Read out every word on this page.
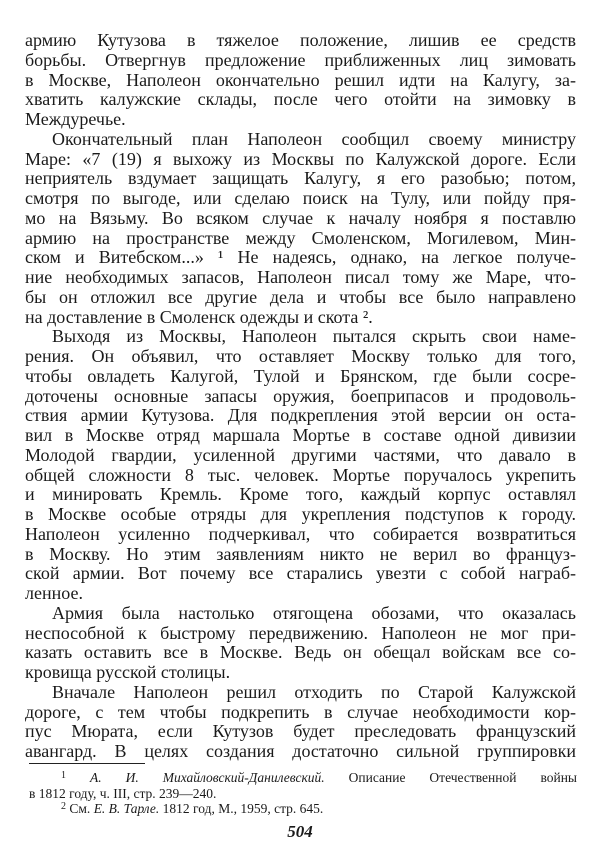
армию Кутузова в тяжелое положение, лишив ее средств
борьбы. Отвергнув предложение приближенных лиц зимовать
в Москве, Наполеон окончательно решил идти на Калугу, за-
хватить калужские склады, после чего отойти на зимовку в
Междуречье.
Окончательный план Наполеон сообщил своему министру
Маре: «7 (19) я выхожу из Москвы по Калужской дороге. Если
неприятель вздумает защищать Калугу, я его разобью; потом,
смотря по выгоде, или сделаю поиск на Тулу, или пойду пря-
мо на Вязьму. Во всяком случае к началу ноября я поставлю
армию на пространстве между Смоленском, Могилевом, Мин-
ском и Витебском...» ¹ Не надеясь, однако, на легкое получе-
ние необходимых запасов, Наполеон писал тому же Маре, что-
бы он отложил все другие дела и чтобы все было направлено
на доставление в Смоленск одежды и скота ².
Выходя из Москвы, Наполеон пытался скрыть свои наме-
рения. Он объявил, что оставляет Москву только для того,
чтобы овладеть Калугой, Тулой и Брянском, где были сосре-
доточены основные запасы оружия, боеприпасов и продоволь-
ствия армии Кутузова. Для подкрепления этой версии он оста-
вил в Москве отряд маршала Мортье в составе одной дивизии
Молодой гвардии, усиленной другими частями, что давало в
общей сложности 8 тыс. человек. Мортье поручалось укрепить
и минировать Кремль. Кроме того, каждый корпус оставлял
в Москве особые отряды для укрепления подступов к городу.
Наполеон усиленно подчеркивал, что собирается возвратиться
в Москву. Но этим заявлениям никто не верил во француз-
ской армии. Вот почему все старались увезти с собой награб-
ленное.
Армия была настолько отягощена обозами, что оказалась
неспособной к быстрому передвижению. Наполеон не мог при-
казать оставить все в Москве. Ведь он обещал войскам все со-
кровища русской столицы.
Вначале Наполеон решил отходить по Старой Калужской
дороге, с тем чтобы подкрепить в случае необходимости кор-
пус Мюрата, если Кутузов будет преследовать французский
авангард. В целях создания достаточно сильной группировки
$^1$ А. И. Михайловский-Данилевский. Описание Отечественной войны
в 1812 году, ч. III, стр. 239—240.
$^2$ См. Е. В. Тарле. 1812 год, М., 1959, стр. 645.
504
